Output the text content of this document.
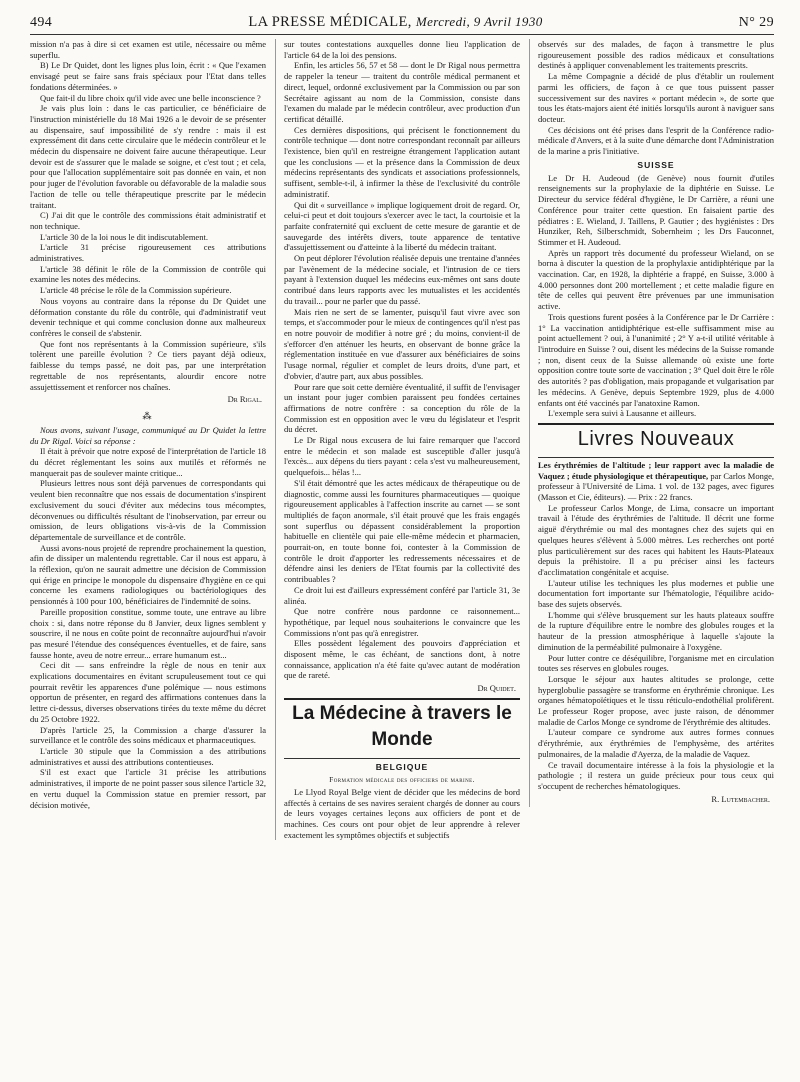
494	LA PRESSE MÉDICALE, Mercredi, 9 Avril 1930	N° 29

mission n'a pas à dire si cet examen est utile, nécessaire ou même superflu.

B) Le Dr Quidet, dont les lignes plus loin, écrit : « Que l'examen envisagé peut se faire sans frais spéciaux pour l'Etat dans telles fondations déterminées. »

Que fait-il du libre choix qu'il vide avec une belle inconscience ?

Je vais plus loin : dans le cas particulier, ce bénéficiaire de l'instruction ministérielle du 18 Mai 1926 a le devoir de se présenter au dispensaire, sauf impossibilité de s'y rendre : mais il est expressément dit dans cette circulaire que le médecin contrôleur et le médecin du dispensaire ne doivent faire aucune thérapeutique. Leur devoir est de s'assurer que le malade se soigne, et c'est tout ; et cela, pour que l'allocation supplémentaire soit pas donnée en vain, et non pour juger de l'évolution favorable ou défavorable de la maladie sous l'action de telle ou telle thérapeutique prescrite par le médecin traitant.

C) J'ai dit que le contrôle des commissions était administratif et non technique.

L'article 30 de la loi nous le dit indiscutablement.

L'article 31 précise rigoureusement ces attributions administratives.

L'article 38 définit le rôle de la Commission de contrôle qui examine les notes des médecins.

L'article 48 précise le rôle de la Commission supérieure.

Nous voyons au contraire dans la réponse du Dr Quidet une déformation constante du rôle du contrôle, qui d'administratif veut devenir technique et qui comme conclusion donne aux malheureux confrères le conseil de s'abstenir.

Que font nos représentants à la Commission supérieure, s'ils tolèrent une pareille évolution ? Ce tiers payant déjà odieux, faiblesse du temps passé, ne doit pas, par une interprétation regrettable de nos représentants, alourdir encore notre assujettissement et renforcer nos chaînes.

Dr Rigal.

⁂

Nous avons, suivant l'usage, communiqué au Dr Quidet la lettre du Dr Rigal. Voici sa réponse :

Il était à prévoir que notre exposé de l'interprétation de l'article 18 du décret réglementant les soins aux mutilés et réformés ne manquerait pas de soulever mainte critique...

Plusieurs lettres nous sont déjà parvenues de correspondants qui veulent bien reconnaître que nos essais de documentation s'inspirent exclusivement du souci d'éviter aux médecins tous mécomptes, déconvenues ou difficultés résultant de l'inobservation, par erreur ou omission, de leurs obligations vis-à-vis de la Commission départementale de surveillance et de contrôle.

Aussi avons-nous projeté de reprendre prochainement la question, afin de dissiper un malentendu regrettable. Car il nous est apparu, à la réflexion, qu'on ne saurait admettre une décision de Commission qui érige en principe le monopole du dispensaire d'hygiène en ce qui concerne les examens radiologiques ou bactériologiques des pensionnés à 100 pour 100, bénéficiaires de l'indemnité de soins.

Pareille proposition constitue, somme toute, une entrave au libre choix : si, dans notre réponse du 8 Janvier, deux lignes semblent y souscrire, il ne nous en coûte point de reconnaître aujourd'hui n'avoir pas mesuré l'étendue des conséquences éventuelles, et de faire, sans fausse honte, aveu de notre erreur... errare humanum est...

Ceci dit — sans enfreindre la règle de nous en tenir aux explications documentaires en évitant scrupuleusement tout ce qui pourrait revêtir les apparences d'une polémique — nous estimons opportun de présenter, en regard des affirmations contenues dans la lettre ci-dessus, diverses observations tirées du texte même du décret du 25 Octobre 1922.

D'après l'article 25, la Commission a charge d'assurer la surveillance et le contrôle des soins médicaux et pharmaceutiques.

L'article 30 stipule que la Commission a des attributions administratives et aussi des attributions contentieuses.

S'il est exact que l'article 31 précise les attributions administratives, il importe de ne point passer sous silence l'article 32, en vertu duquel la Commission statue en premier ressort, par décision motivée,

sur toutes contestations auxquelles donne lieu l'application de l'article 64 de la loi des pensions.

Enfin, les articles 56, 57 et 58 — dont le Dr Rigal nous permettra de rappeler la teneur — traitent du contrôle médical permanent et direct, lequel, ordonné exclusivement par la Commission ou par son Secrétaire agissant au nom de la Commission, consiste dans l'examen du malade par le médecin contrôleur, avec production d'un certificat détaillé.

Ces dernières dispositions, qui précisent le fonctionnement du contrôle technique — dont notre correspondant reconnaît par ailleurs l'existence, bien qu'il en restreigne étrangement l'application autant que les conclusions — et la présence dans la Commission de deux médecins représentants des syndicats et associations professionnels, suffisent, semble-t-il, à infirmer la thèse de l'exclusivité du contrôle administratif.

Qui dit « surveillance » implique logiquement droit de regard. Or, celui-ci peut et doit toujours s'exercer avec le tact, la courtoisie et la parfaite confraternité qui excluent de cette mesure de garantie et de sauvegarde des intérêts divers, toute apparence de tentative d'assujettissement ou d'atteinte à la liberté du médecin traitant.

On peut déplorer l'évolution réalisée depuis une trentaine d'années par l'avènement de la médecine sociale, et l'intrusion de ce tiers payant à l'extension duquel les médecins eux-mêmes ont sans doute contribué dans leurs rapports avec les mutualistes et les accidentés du travail... pour ne parler que du passé.

Mais rien ne sert de se lamenter, puisqu'il faut vivre avec son temps, et s'accommoder pour le mieux de contingences qu'il n'est pas en notre pouvoir de modifier à notre gré ; du moins, convient-il de s'efforcer d'en atténuer les heurts, en observant de bonne grâce la réglementation instituée en vue d'assurer aux bénéficiaires de soins l'usage normal, régulier et complet de leurs droits, d'une part, et d'obvier, d'autre part, aux abus possibles.

Pour rare que soit cette dernière éventualité, il suffit de l'envisager un instant pour juger combien paraissent peu fondées certaines affirmations de notre confrère : sa conception du rôle de la Commission est en opposition avec le vœu du législateur et l'esprit du décret.

Le Dr Rigal nous excusera de lui faire remarquer que l'accord entre le médecin et son malade est susceptible d'aller jusqu'à l'excès... aux dépens du tiers payant : cela s'est vu malheureusement, quelquefois... hélas !...

S'il était démontré que les actes médicaux de thérapeutique ou de diagnostic, comme aussi les fournitures pharmaceutiques — quoique rigoureusement applicables à l'affection inscrite au carnet — se sont multipliés de façon anormale, s'il était prouvé que les frais engagés sont superflus ou dépassent considérablement la proportion habituelle en clientèle qui paie elle-même médecin et pharmacien, pourrait-on, en toute bonne foi, contester à la Commission de contrôle le droit d'apporter les redressements nécessaires et de défendre ainsi les deniers de l'Etat fournis par la collectivité des contribuables ?

Ce droit lui est d'ailleurs expressément conféré par l'article 31, 3e alinéa.

Que notre confrère nous pardonne ce raisonnement... hypothétique, par lequel nous souhaiterions le convaincre que les Commissions n'ont pas qu'à enregistrer.

Elles possèdent légalement des pouvoirs d'appréciation et disposent même, le cas échéant, de sanctions dont, à notre connaissance, application n'a été faite qu'avec autant de modération que de rareté.

Dr Quidet.

La Médecine à travers le Monde
BELGIQUE
Formation médicale des officiers de marine.

Le Llyod Royal Belge vient de décider que les médecins de bord affectés à certains de ses navires seraient chargés de donner au cours de leurs voyages certaines leçons aux officiers de pont et de machines. Ces cours ont pour objet de leur apprendre à relever exactement les symptômes objectifs et subjectifs

observés sur des malades, de façon à transmettre le plus rigoureusement possible des radios médicaux et consultations destinés à appliquer convenablement les traitements prescrits.

La même Compagnie a décidé de plus d'établir un roulement parmi les officiers, de façon à ce que tous puissent passer successivement sur des navires « portant médecin », de sorte que tous les états-majors aient été initiés lorsqu'ils auront à naviguer sans docteur.

Ces décisions ont été prises dans l'esprit de la Conférence radio-médicale d'Anvers, et à la suite d'une démarche dont l'Administration de la marine a pris l'initiative.

SUISSE

Le Dr H. Audeoud (de Genève) nous fournit d'utiles renseignements sur la prophylaxie de la diphtérie en Suisse. Le Directeur du service fédéral d'hygiène, le Dr Carrière, a réuni une Conférence pour traiter cette question. En faisaient partie des pédiatres : E. Wieland, J. Taillens, P. Gautier ; des hygiénistes : Drs Hunziker, Reh, Silberschmidt, Sobernheim ; les Drs Fauconnet, Stimmer et H. Audeoud.

Après un rapport très documenté du professeur Wieland, on se borna à discuter la question de la prophylaxie antidiphtérique par la vaccination. Car, en 1928, la diphtérie a frappé, en Suisse, 3.000 à 4.000 personnes dont 200 mortellement ; et cette maladie figure en tête de celles qui peuvent être prévenues par une immunisation active.

Trois questions furent posées à la Conférence par le Dr Carrière : 1° La vaccination antidiphtérique est-elle suffisamment mise au point actuellement ? oui, à l'unanimité ; 2° Y a-t-il utilité véritable à l'introduire en Suisse ? oui, disent les médecins de la Suisse romande ; non, disent ceux de la Suisse allemande où existe une forte opposition contre toute sorte de vaccination ; 3° Quel doit être le rôle des autorités ? pas d'obligation, mais propagande et vulgarisation par les médecins. A Genève, depuis Septembre 1929, plus de 4.000 enfants ont été vaccinés par l'anatoxine Ramon.

L'exemple sera suivi à Lausanne et ailleurs.

Livres Nouveaux

Les érythrémies de l'altitude ; leur rapport avec la maladie de Vaquez ; étude physiologique et thérapeutique, par Carlos Monge, professeur à l'Université de Lima. 1 vol. de 132 pages, avec figures (Masson et Cie, éditeurs). — Prix : 22 francs.

Le professeur Carlos Monge, de Lima, consacre un important travail à l'étude des érythrémies de l'altitude. Il décrit une forme aiguë d'érythrémie ou mal des montagnes chez des sujets qui en quelques heures s'élèvent à 5.000 mètres. Les recherches ont porté plus particulièrement sur des races qui habitent les Hauts-Plateaux depuis la préhistoire. Il a pu préciser ainsi les facteurs d'acclimatation congénitale et acquise.

L'auteur utilise les techniques les plus modernes et publie une documentation fort importante sur l'hématologie, l'équilibre acido-base des sujets observés.

L'homme qui s'élève brusquement sur les hauts plateaux souffre de la rupture d'équilibre entre le nombre des globules rouges et la hauteur de la pression atmosphérique à laquelle s'ajoute la diminution de la perméabilité pulmonaire à l'oxygène.

Pour lutter contre ce déséquilibre, l'organisme met en circulation toutes ses réserves en globules rouges.

Lorsque le séjour aux hautes altitudes se prolonge, cette hyperglobulie passagère se transforme en érythrémie chronique. Les organes hématopoïétiques et le tissu réticulo-endothélial prolifèrent. Le professeur Roger propose, avec juste raison, de dénommer maladie de Carlos Monge ce syndrome de l'érythrémie des altitudes.

L'auteur compare ce syndrome aux autres formes connues d'érythrémie, aux érythrémies de l'emphysème, des artérites pulmonaires, de la maladie d'Ayerza, de la maladie de Vaquez.

Ce travail documentaire intéresse à la fois la physiologie et la pathologie ; il restera un guide précieux pour tous ceux qui s'occupent de recherches hématologiques.

R. Lutembacher.
